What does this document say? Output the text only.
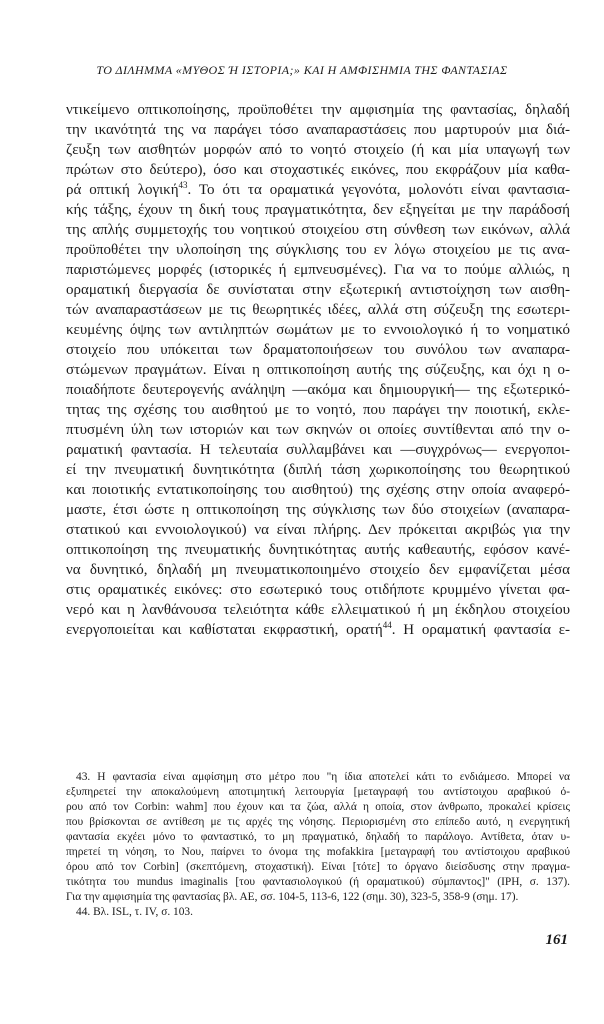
ΤΟ ΔΙΛΗΜΜΑ «ΜΥΘΟΣ Ή ΙΣΤΟΡΙΑ;» ΚΑΙ Η ΑΜΦΙΣΗΜΙΑ ΤΗΣ ΦΑΝΤΑΣΙΑΣ
ντικείμενο οπτικοποίησης, προϋποθέτει την αμφισημία της φαντασίας, δηλαδή
την ικανότητά της να παράγει τόσο αναπαραστάσεις που μαρτυρούν μια διά-
ζευξη των αισθητών μορφών από το νοητό στοιχείο (ή και μία υπαγωγή των
πρώτων στο δεύτερο), όσο και στοχαστικές εικόνες, που εκφράζουν μία καθα-
ρά οπτική λογική$^{43}$. Το ότι τα οραματικά γεγονότα, μολονότι είναι φαντασια-
κής τάξης, έχουν τη δική τους πραγματικότητα, δεν εξηγείται με την παράδοσή
της απλής συμμετοχής του νοητικού στοιχείου στη σύνθεση των εικόνων, αλλά
προϋποθέτει την υλοποίηση της σύγκλισης του εν λόγω στοιχείου με τις ανα-
παριστώμενες μορφές (ιστορικές ή εμπνευσμένες). Για να το πούμε αλλιώς, η
οραματική διεργασία δε συνίσταται στην εξωτερική αντιστοίχηση των αισθη-
τών αναπαραστάσεων με τις θεωρητικές ιδέες, αλλά στη σύζευξη της εσωτερι-
κευμένης όψης των αντιληπτών σωμάτων με το εννοιολογικό ή το νοηματικό
στοιχείο που υπόκειται των δραματοποιήσεων του συνόλου των αναπαρα-
στώμενων πραγμάτων. Είναι η οπτικοποίηση αυτής της σύζευξης, και όχι η ο-
ποιαδήποτε δευτερογενής ανάληψη —ακόμα και δημιουργική— της εξωτερικό-
τητας της σχέσης του αισθητού με το νοητό, που παράγει την ποιοτική, εκλε-
πτυσμένη ύλη των ιστοριών και των σκηνών οι οποίες συντίθενται από την ο-
ραματική φαντασία. Η τελευταία συλλαμβάνει και —συγχρόνως— ενεργοποι-
εί την πνευματική δυνητικότητα (διπλή τάση χωρικοποίησης του θεωρητικού
και ποιοτικής εντατικοποίησης του αισθητού) της σχέσης στην οποία αναφερό-
μαστε, έτσι ώστε η οπτικοποίηση της σύγκλισης των δύο στοιχείων (αναπαρα-
στατικού και εννοιολογικού) να είναι πλήρης. Δεν πρόκειται ακριβώς για την
οπτικοποίηση της πνευματικής δυνητικότητας αυτής καθεαυτής, εφόσον κανέ-
να δυνητικό, δηλαδή μη πνευματικοποιημένο στοιχείο δεν εμφανίζεται μέσα
στις οραματικές εικόνες: στο εσωτερικό τους οτιδήποτε κρυμμένο γίνεται φα-
νερό και η λανθάνουσα τελειότητα κάθε ελλειματικού ή μη έκδηλου στοιχείου
ενεργοποιείται και καθίσταται εκφραστική, ορατή$^{44}$. Η οραματική φαντασία ε-
43. Η φαντασία είναι αμφίσημη στο μέτρο που "η ίδια αποτελεί κάτι το ενδιάμεσο. Μπορεί να
εξυπηρετεί την αποκαλούμενη αποτιμητική λειτουργία [μεταγραφή του αντίστοιχου αραβικού ό-
ρου από τον Corbin: wahm] που έχουν και τα ζώα, αλλά η οποία, στον άνθρωπο, προκαλεί κρίσεις
που βρίσκονται σε αντίθεση με τις αρχές της νόησης. Περιορισμένη στο επίπεδο αυτό, η ενεργητική
φαντασία εκχέει μόνο το φανταστικό, το μη πραγματικό, δηλαδή το παράλογο. Αντίθετα, όταν υ-
πηρετεί τη νόηση, το Νου, παίρνει το όνομα της mofakkira [μεταγραφή του αντίστοιχου αραβικού
όρου από τον Corbin] (σκεπτόμενη, στοχαστική). Είναι [τότε] το όργανο διείσδυσης στην πραγμα-
τικότητα του mundus imaginalis [του φαντασιολογικού (ή οραματικού) σύμπαντος]" (ΙΡΗ, σ. 137).
Για την αμφισημία της φαντασίας βλ. ΑΕ, σσ. 104-5, 113-6, 122 (σημ. 30), 323-5, 358-9 (σημ. 17).
44. Βλ. ISL, τ. IV, σ. 103.
161
